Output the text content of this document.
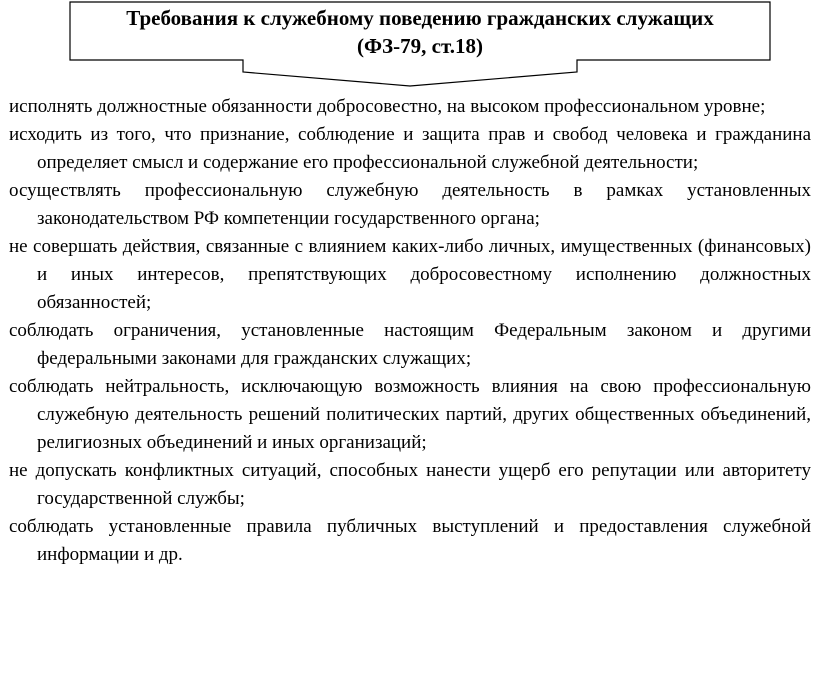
Требования к служебному поведению гражданских служащих
(ФЗ-79, ст.18)
исполнять должностные обязанности добросовестно, на высоком профессиональном уровне;
исходить из того, что признание, соблюдение и защита прав и свобод человека и гражданина определяет смысл и содержание его профессиональной служебной деятельности;
осуществлять профессиональную служебную деятельность в рамках установленных законодательством РФ компетенции государственного органа;
не совершать действия, связанные с влиянием каких-либо личных, имущественных (финансовых) и иных интересов, препятствующих добросовестному исполнению должностных обязанностей;
соблюдать ограничения, установленные настоящим Федеральным законом и другими федеральными законами для гражданских служащих;
соблюдать нейтральность, исключающую возможность влияния на свою профессиональную служебную деятельность решений политических партий, других общественных объединений, религиозных объединений и иных организаций;
не допускать конфликтных ситуаций, способных нанести ущерб его репутации или авторитету государственной службы;
соблюдать установленные правила публичных выступлений и предоставления служебной информации и др.
